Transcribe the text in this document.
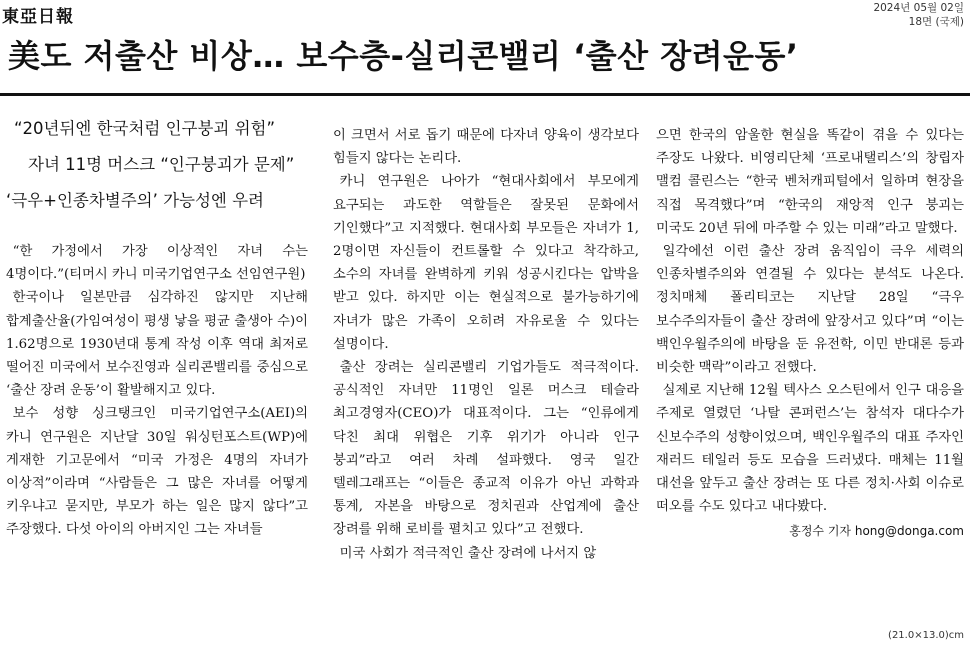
東亞日報	2024년 05월 02일
18면 (국제)
美도 저출산 비상… 보수층-실리콘밸리 ‘출산 장려운동’
“20년뒤엔 한국처럼 인구붕괴 위험”
자녀 11명 머스크 “인구붕괴가 문제”
‘극우+인종차별주의’ 가능성엔 우려

“한 가정에서 가장 이상적인 자녀 수는 4명이다.”(티머시 카니 미국기업연구소 선임연구원)

한국이나 일본만큼 심각하진 않지만 지난해 합계출산율(가임여성이 평생 낳을 평균 출생아 수)이 1.62명으로 1930년대 통계 작성 이후 역대 최저로 떨어진 미국에서 보수진영과 실리콘밸리를 중심으로 ‘출산 장려 운동’이 활발해지고 있다.

보수 성향 싱크탱크인 미국기업연구소(AEI)의 카니 연구원은 지난달 30일 워싱턴포스트(WP)에 게재한 기고문에서 “미국 가정은 4명의 자녀가 이상적”이라며 “사람들은 그 많은 자녀를 어떻게 키우냐고 묻지만, 부모가 하는 일은 많지 않다”고 주장했다. 다섯 아이의 아버지인 그는 자녀들

이 크면서 서로 돕기 때문에 다자녀 양육이 생각보다 힘들지 않다는 논리다.

카니 연구원은 나아가 “현대사회에서 부모에게 요구되는 과도한 역할들은 잘못된 문화에서 기인했다”고 지적했다. 현대사회 부모들은 자녀가 1, 2명이면 자신들이 컨트롤할 수 있다고 착각하고, 소수의 자녀를 완벽하게 키워 성공시킨다는 압박을 받고 있다. 하지만 이는 현실적으로 불가능하기에 자녀가 많은 가족이 오히려 자유로울 수 있다는 설명이다.

출산 장려는 실리콘밸리 기업가들도 적극적이다. 공식적인 자녀만 11명인 일론 머스크 테슬라 최고경영자(CEO)가 대표적이다. 그는 “인류에게 닥친 최대 위협은 기후 위기가 아니라 인구 붕괴”라고 여러 차례 설파했다. 영국 일간 텔레그래프는 “이들은 종교적 이유가 아닌 과학과 통계, 자본을 바탕으로 정치권과 산업계에 출산 장려를 위해 로비를 펼치고 있다”고 전했다.

미국 사회가 적극적인 출산 장려에 나서지 않

으면 한국의 암울한 현실을 똑같이 겪을 수 있다는 주장도 나왔다. 비영리단체 ‘프로내탤리스’의 창립자 맬컴 콜린스는 “한국 벤처캐피털에서 일하며 현장을 직접 목격했다”며 “한국의 재앙적 인구 붕괴는 미국도 20년 뒤에 마주할 수 있는 미래”라고 말했다.

일각에선 이런 출산 장려 움직임이 극우 세력의 인종차별주의와 연결될 수 있다는 분석도 나온다. 정치매체 폴리티코는 지난달 28일 “극우 보수주의자들이 출산 장려에 앞장서고 있다”며 “이는 백인우월주의에 바탕을 둔 유전학, 이민 반대론 등과 비슷한 맥락”이라고 전했다.

실제로 지난해 12월 텍사스 오스틴에서 인구 대응을 주제로 열렸던 ‘나탈 콘퍼런스’는 참석자 대다수가 신보수주의 성향이었으며, 백인우월주의 대표 주자인 재러드 테일러 등도 모습을 드러냈다. 매체는 11월 대선을 앞두고 출산 장려는 또 다른 정치·사회 이슈로 떠오를 수도 있다고 내다봤다.

홍정수 기자 hong@donga.com
(21.0×13.0)cm
